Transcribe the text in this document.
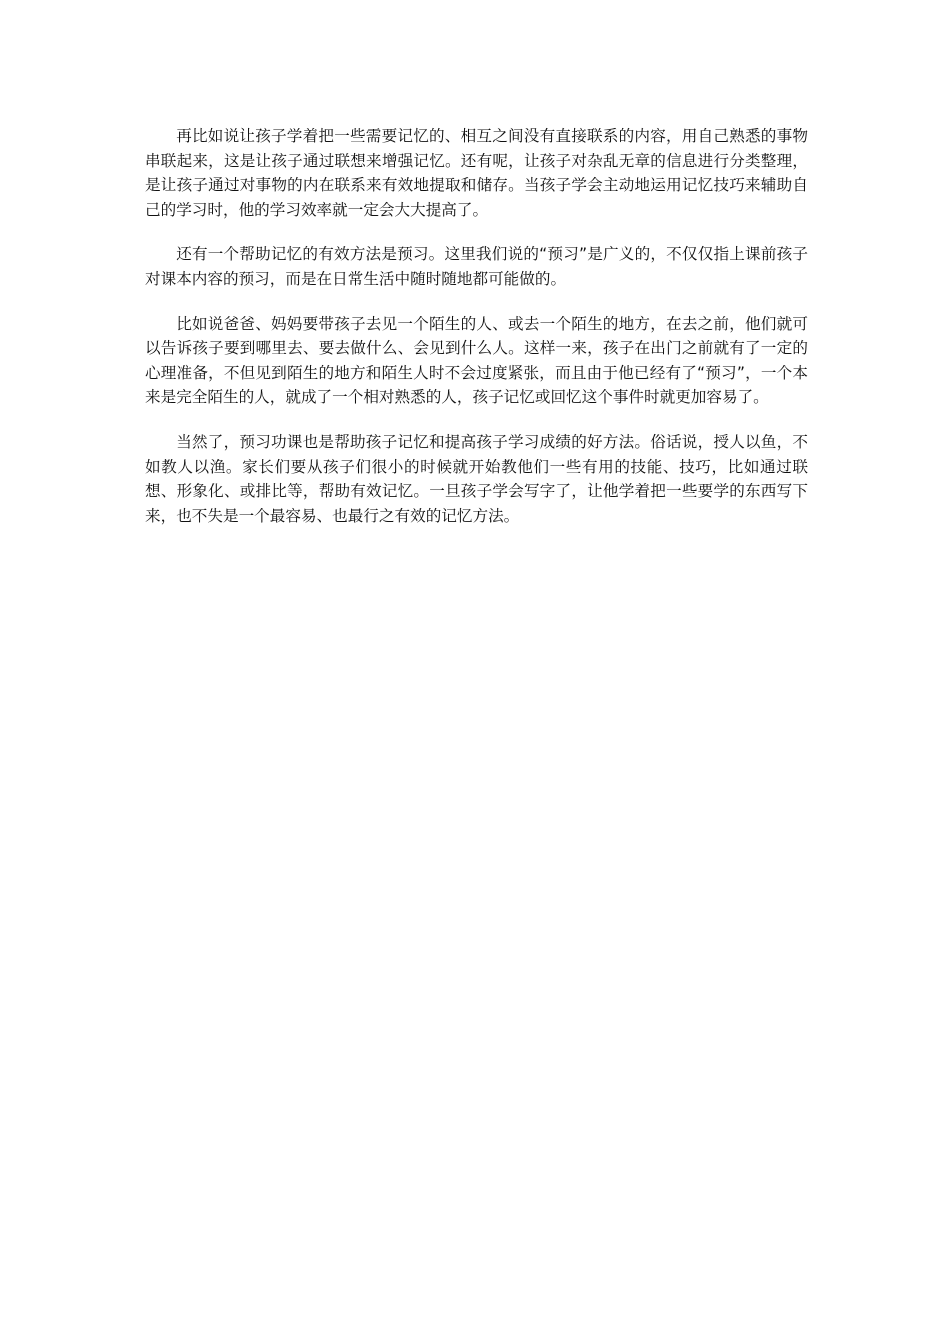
再比如说让孩子学着把一些需要记忆的、相互之间没有直接联系的内容，用自己熟悉的事物串联起来，这是让孩子通过联想来增强记忆。还有呢，让孩子对杂乱无章的信息进行分类整理，是让孩子通过对事物的内在联系来有效地提取和储存。当孩子学会主动地运用记忆技巧来辅助自己的学习时，他的学习效率就一定会大大提高了。

还有一个帮助记忆的有效方法是预习。这里我们说的“预习”是广义的，不仅仅指上课前孩子对课本内容的预习，而是在日常生活中随时随地都可能做的。

比如说爸爸、妈妈要带孩子去见一个陌生的人、或去一个陌生的地方，在去之前，他们就可以告诉孩子要到哪里去、要去做什么、会见到什么人。这样一来，孩子在出门之前就有了一定的心理准备，不但见到陌生的地方和陌生人时不会过度紧张，而且由于他已经有了“预习”，一个本来是完全陌生的人，就成了一个相对熟悉的人，孩子记忆或回忆这个事件时就更加容易了。

当然了，预习功课也是帮助孩子记忆和提高孩子学习成绩的好方法。俗话说，授人以鱼，不如教人以渔。家长们要从孩子们很小的时候就开始教他们一些有用的技能、技巧，比如通过联想、形象化、或排比等，帮助有效记忆。一旦孩子学会写字了，让他学着把一些要学的东西写下来，也不失是一个最容易、也最行之有效的记忆方法。
